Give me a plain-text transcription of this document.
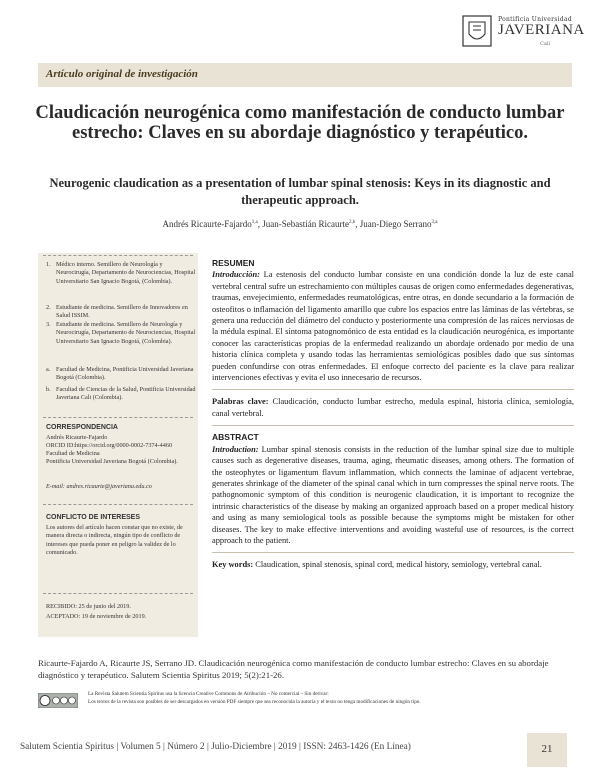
Pontificia Universidad
JAVERIANA
Cali
Artículo original de investigación
Claudicación neurogénica como manifestación de conducto lumbar estrecho: Claves en su abordaje diagnóstico y terapéutico.
Neurogenic claudication as a presentation of lumbar spinal stenosis: Keys in its diagnostic and therapeutic approach.
Andrés Ricaurte-Fajardo$^{1,a}$, Juan-Sebastián Ricaurte$^{2,b}$, Juan-Diego Serrano$^{3,a}$
1. Médico interno. Semillero de Neurología y Neurocirugía, Departamento de Neurociencias, Hospital Universitario San Ignacio Bogotá, (Colombia).
2. Estudiante de medicina. Semillero de Innovadores en Salud ISSIM.
3. Estudiante de medicina. Semillero de Neurología y Neurocirugía, Departamento de Neurociencias, Hospital Universitario San Ignacio Bogotá, (Colombia).
a. Facultad de Medicina, Pontificia Universidad Javeriana Bogotá (Colombia).
b. Facultad de Ciencias de la Salud, Pontificia Universidad Javeriana Cali (Colombia).
CORRESPONDENCIA
Andrés Ricaurte-Fajardo
ORCID ID:https://orcid.org/0000-0002-7374-4460
Facultad de Medicina
Pontificia Universidad Javeriana Bogotá (Colombia).
E-mail: andres.ricaurte@javeriana.edu.co
CONFLICTO DE INTERESES
Los autores del artículo hacen constar que no existe, de manera directa o indirecta, ningún tipo de conflicto de intereses que pueda poner en peligro la validez de lo comunicado.
RECIBIDO: 25 de junio del 2019.
ACEPTADO: 19 de noviembre de 2019.
RESUMEN

Introducción: La estenosis del conducto lumbar consiste en una condición donde la luz de este canal vertebral central sufre un estrechamiento con múltiples causas de origen como enfermedades degenerativas, traumas, envejecimiento, enfermedades reumatológicas, entre otras, en donde secundario a la formación de osteofitos o inflamación del ligamento amarillo que cubre los espacios entre las láminas de las vértebras, se genera una reducción del diámetro del conducto y posteriormente una compresión de las raíces nerviosas de la médula espinal. El síntoma patognomónico de esta entidad es la claudicación neurogénica, es importante conocer las características propias de la enfermedad realizando un abordaje ordenado por medio de una historia clínica completa y usando todas las herramientas semiológicas posibles dado que sus síntomas pueden confundirse con otras enfermedades. El enfoque correcto del paciente es la clave para realizar intervenciones efectivas y evita el uso innecesario de recursos.

Palabras clave: Claudicación, conducto lumbar estrecho, medula espinal, historia clínica, semiología, canal vertebral.

ABSTRACT

Introduction: Lumbar spinal stenosis consists in the reduction of the lumbar spinal size due to multiple causes such as degenerative diseases, trauma, aging, rheumatic diseases, among others. The formation of the osteophytes or ligamentum flavum inflammation, which connects the laminae of adjacent vertebrae, generates shrinkage of the diameter of the spinal canal which in turn compresses the spinal nerve roots. The pathognomonic symptom of this condition is neurogenic claudication, it is important to recognize the intrinsic characteristics of the disease by making an organized approach based on a proper medical history and using as many semiological tools as possible because the symptoms might be mistaken for other diseases. The key to make effective interventions and avoiding wasteful use of resources, is the correct approach to the patient.

Key words: Claudication, spinal stenosis, spinal cord, medical history, semiology, vertebral canal.

Ricaurte-Fajardo A, Ricaurte JS, Serrano JD. Claudicación neurogénica como manifestación de conducto lumbar estrecho: Claves en su abordaje diagnóstico y terapéutico. Salutem Scientia Spiritus 2019; 5(2):21-26.
La Revista Salutem Scientia Spiritus usa la licencia Creative Commons de Atribución – No comercial – Sin derivar:
Los textos de la revista son posibles de ser descargados en versión PDF siempre que sea reconocida la autoría y el texto no tenga modificaciones de ningún tipo.
Salutem Scientia Spiritus | Volumen 5 | Número 2 | Julio-Diciembre | 2019 | ISSN: 2463-1426 (En Línea)	21
